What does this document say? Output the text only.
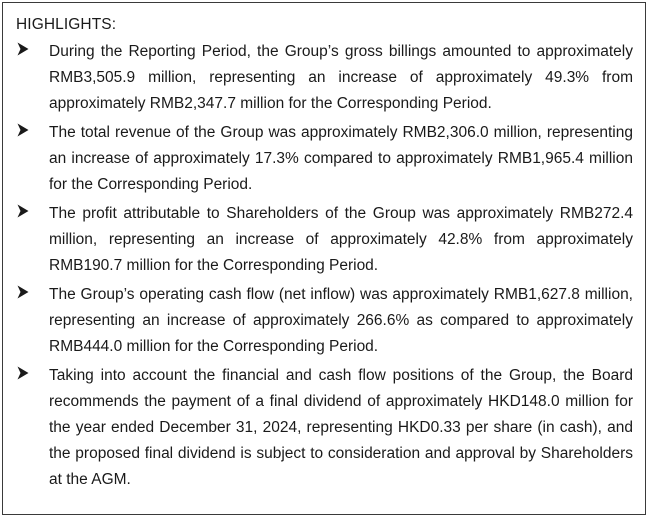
HIGHLIGHTS:
During the Reporting Period, the Group’s gross billings amounted to approximately RMB3,505.9 million, representing an increase of approximately 49.3% from approximately RMB2,347.7 million for the Corresponding Period.
The total revenue of the Group was approximately RMB2,306.0 million, representing an increase of approximately 17.3% compared to approximately RMB1,965.4 million for the Corresponding Period.
The profit attributable to Shareholders of the Group was approximately RMB272.4 million, representing an increase of approximately 42.8% from approximately RMB190.7 million for the Corresponding Period.
The Group’s operating cash flow (net inflow) was approximately RMB1,627.8 million, representing an increase of approximately 266.6% as compared to approximately RMB444.0 million for the Corresponding Period.
Taking into account the financial and cash flow positions of the Group, the Board recommends the payment of a final dividend of approximately HKD148.0 million for the year ended December 31, 2024, representing HKD0.33 per share (in cash), and the proposed final dividend is subject to consideration and approval by Shareholders at the AGM.
